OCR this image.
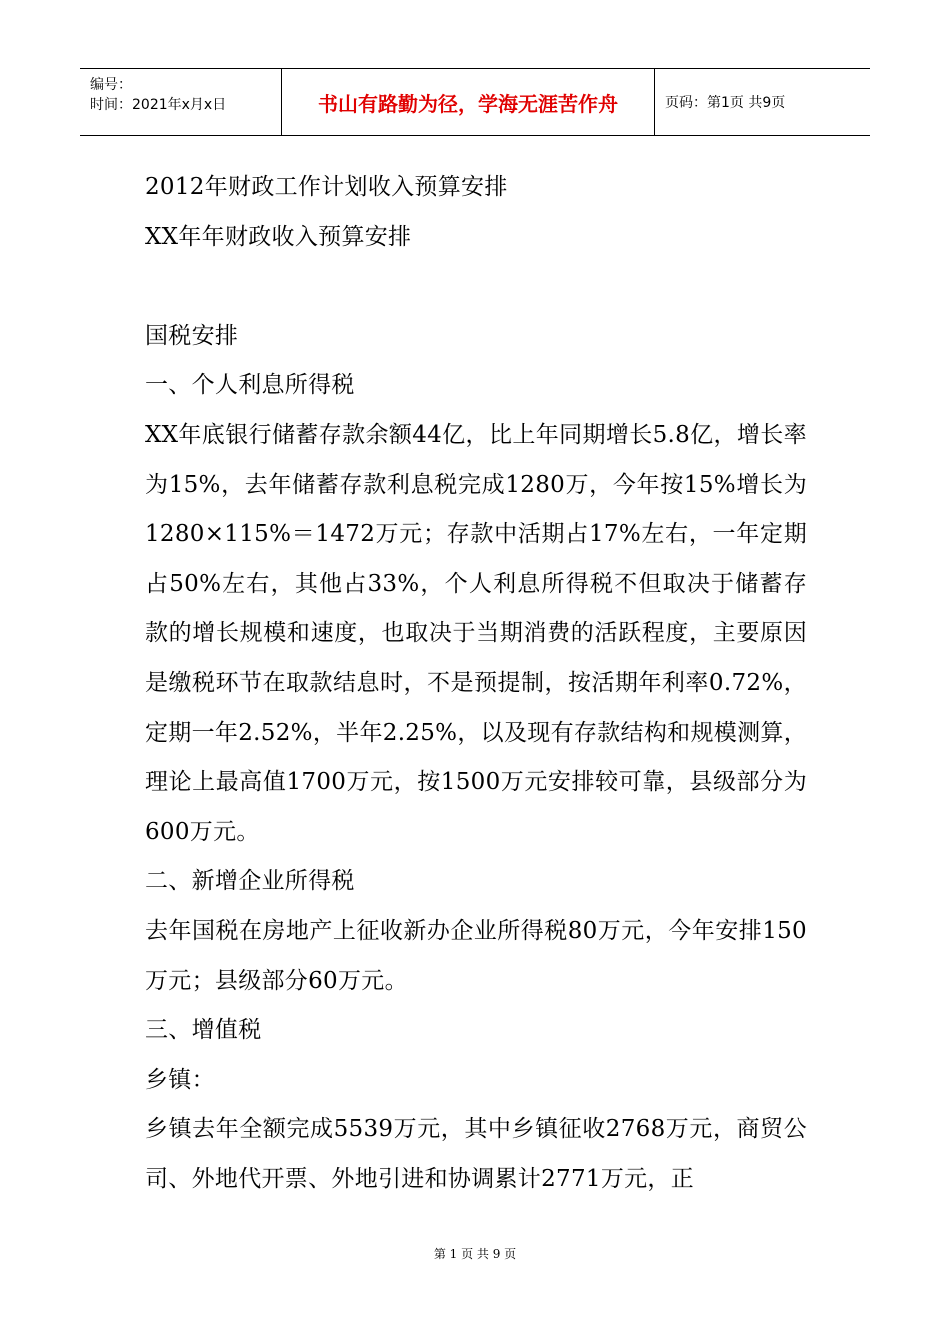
编号：
时间：2021年x月x日	书山有路勤为径，学海无涯苦作舟	页码：第1页 共9页

2012年财政工作计划收入预算安排

XX年年财政收入预算安排

国税安排

一、个人利息所得税

XX年底银行储蓄存款余额44亿，比上年同期增长5.8亿，增长率为15%，去年储蓄存款利息税完成1280万，今年按15%增长为1280×115%＝1472万元；存款中活期占17%左右，一年定期占50%左右，其他占33%，个人利息所得税不但取决于储蓄存款的增长规模和速度，也取决于当期消费的活跃程度，主要原因是缴税环节在取款结息时，不是预提制，按活期年利率0.72%，定期一年2.52%，半年2.25%，以及现有存款结构和规模测算，理论上最高值1700万元，按1500万元安排较可靠，县级部分为600万元。

二、新增企业所得税

去年国税在房地产上征收新办企业所得税80万元，今年安排150万元；县级部分60万元。

三、增值税

乡镇：

乡镇去年全额完成5539万元，其中乡镇征收2768万元，商贸公司、外地代开票、外地引进和协调累计2771万元，正

第 1 页 共 9 页
